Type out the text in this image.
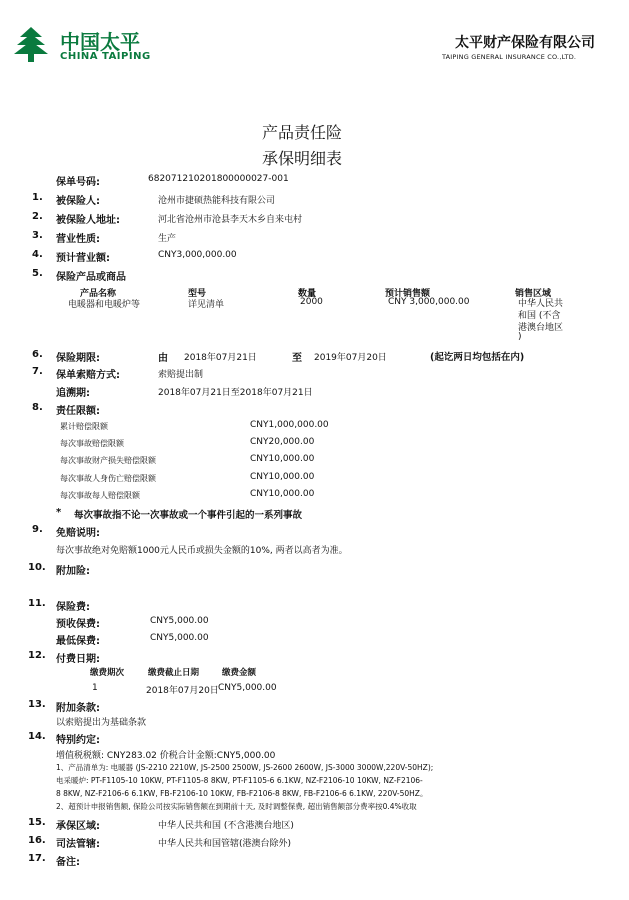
中国太平
CHINA TAIPING
太平财产保险有限公司
TAIPING GENERAL INSURANCE CO.,LTD.
产品责任险
承保明细表
保单号码:	682071210201800000027-001
1. 被保险人:	沧州市捷硕热能科技有限公司
2. 被保险人地址:	河北省沧州市沧县李天木乡自来屯村
3. 营业性质:	生产
4. 预计营业额:	CNY3,000,000.00
5. 保险产品或商品
产品名称	型号	数量	预计销售额	销售区域
电暖器和电暖炉等	详见清单	2000	CNY 3,000,000.00	中华人民共
和国 (不含
港澳台地区
)
6. 保险期限:	由 2018年07月21日	至 2019年07月20日	(起讫两日均包括在内)
7. 保单索赔方式:	索赔提出制
追溯期:	2018年07月21日至2018年07月21日
8. 责任限额:
累计赔偿限额	CNY1,000,000.00
每次事故赔偿限额	CNY20,000.00
每次事故财产损失赔偿限额	CNY10,000.00
每次事故人身伤亡赔偿限额	CNY10,000.00
每次事故每人赔偿限额	CNY10,000.00
* 每次事故指不论一次事故或一个事件引起的一系列事故
9. 免赔说明:
每次事故绝对免赔额1000元人民币或损失金额的10%, 两者以高者为准。
10. 附加险:
11. 保险费:
预收保费:	CNY5,000.00
最低保费:	CNY5,000.00
12. 付费日期:
缴费期次	缴费截止日期	缴费金额
1	2018年07月20日 CNY5,000.00
13. 附加条款:
以索赔提出为基础条款
14. 特别约定:
增值税税额: CNY283.02 价税合计金额:CNY5,000.00
1、产品清单为: 电暖器 (JS-2210 2210W, JS-2500 2500W, JS-2600 2600W, JS-3000 3000W,220V-50HZ);
电采暖炉: PT-F1105-10 10KW, PT-F1105-8 8KW, PT-F1105-6 6.1KW, NZ-F2106-10 10KW, NZ-F2106-
8 8KW, NZ-F2106-6 6.1KW, FB-F2106-10 10KW, FB-F2106-8 8KW, FB-F2106-6 6.1KW, 220V-50HZ。
2、超预计申报销售额, 保险公司按实际销售额在到期前十天, 及时调整保费, 超出销售额部分费率按0.4%收取
15. 承保区域:	中华人民共和国 (不含港澳台地区)
16. 司法管辖:	中华人民共和国管辖(港澳台除外)
17. 备注:
